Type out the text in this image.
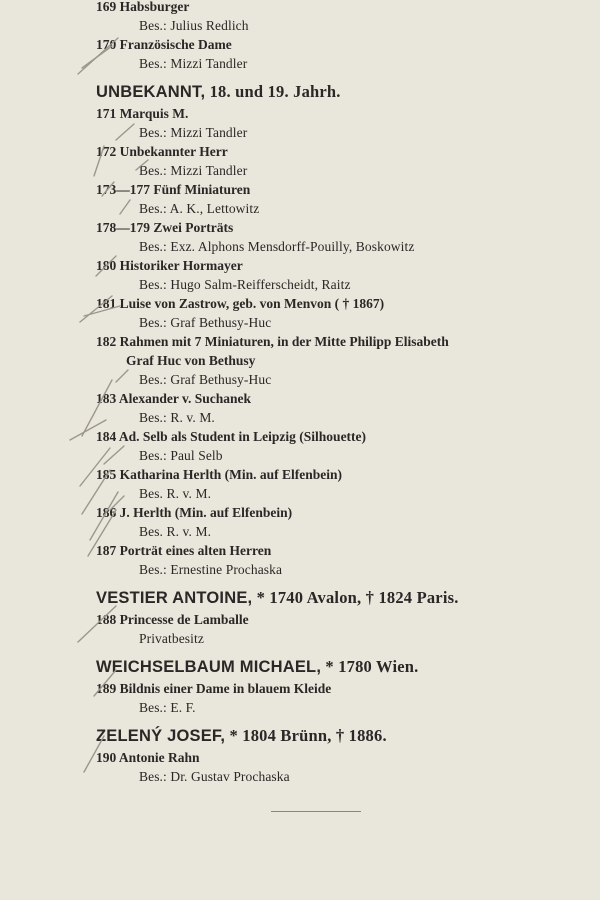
169 Habsburger
Bes.: Julius Redlich
170 Französische Dame
Bes.: Mizzi Tandler
UNBEKANNT, 18. und 19. Jahrh.
171 Marquis M.
Bes.: Mizzi Tandler
172 Unbekannter Herr
Bes.: Mizzi Tandler
173—177 Fünf Miniaturen
Bes.: A. K., Lettowitz
178—179 Zwei Porträts
Bes.: Exz. Alphons Mensdorff-Pouilly, Boskowitz
180 Historiker Hormayer
Bes.: Hugo Salm-Reifferscheidt, Raitz
181 Luise von Zastrow, geb. von Menvon ( † 1867)
Bes.: Graf Bethusy-Huc
182 Rahmen mit 7 Miniaturen, in der Mitte Philipp Elisabeth
Graf Huc von Bethusy
Bes.: Graf Bethusy-Huc
183 Alexander v. Suchanek
Bes.: R. v. M.
184 Ad. Selb als Student in Leipzig (Silhouette)
Bes.: Paul Selb
185 Katharina Herlth (Min. auf Elfenbein)
Bes. R. v. M.
186 J. Herlth (Min. auf Elfenbein)
Bes. R. v. M.
187 Porträt eines alten Herren
Bes.: Ernestine Prochaska
VESTIER ANTOINE, * 1740 Avalon, † 1824 Paris.
188 Princesse de Lamballe
Privatbesitz
WEICHSELBAUM MICHAEL, * 1780 Wien.
189 Bildnis einer Dame in blauem Kleide
Bes.: E. F.
ZELENÝ JOSEF, * 1804 Brünn, † 1886.
190 Antonie Rahn
Bes.: Dr. Gustav Prochaska
